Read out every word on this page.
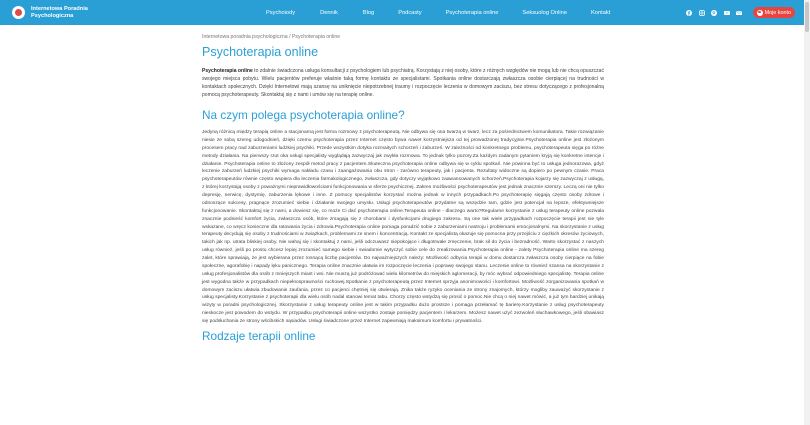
Internetowa Poradnia
Psychologiczna	Psychoiody	Dennik	Blog	Podcasty	Psychoterapia online	Seksuolog Online	Kontakt	Moje konto
Internetowa poradnia psychologiczna / Psychoterapia online
Psychoterapia online

Psychoterapia online to zdalnie świadczona usługa konsultacji z psychologiem lub psychiatrą. Korzystają z niej osoby, które z różnych względów nie mogą lub nie chcą opuszczać swojego miejsca pobytu. Wielu pacjentów preferuje właśnie taką formę kontaktu ze specjalistami. Spotkania online dostarczają zwłaszcza osobie cierpiącej na trudności w kontaktach społecznych. Dzięki Internetowi mają szansę na uniknięcie niepotrzebnej traumy i rozpoczęcie leczenia w domowym zaciszu, bez stresu dotyczącego z profesjonalną pomocą psychoterapeuty. Skontaktuj się z nami i umów się na terapię online.

Na czym polega psychoterapia online?

Jedyną różnicą między terapią online a stacjonarną jest forma rozmowy z psychoterapeutą. Nie odbywa się ona twarzą w twarz, lecz za pośrednictwem komunikatora. Takie rozwiązanie niesie ze sobą szereg udogodnień, dzięki czemu psychoterapia przez Internet często bywa nawet korzystniejsza od tej prowadzonej tradycyjnie.Psychoterapia online jest złożonym procesem pracy nad zaburzeniami ludzkiej psychiki. Przede wszystkim dotyka rozmaitych schorzeń i zaburzeń. W zależności od konkretnego problemu, psychoterapeuta sięga po różne metody działania. Na pierwszy rzut oka usługi specjalisty wyglądają zazwyczaj jak zwykła rozmowa. To jednak tylko pozory.Za każdym zadanym pytaniem kryją się konkretne intencje i działanie. Psychoterapia online to złożony zespół metod pracy z pacjentem.Skuteczna psychoterapia online odbywa się w cyklu spotkań. Nie powinna być to usługa jednorazowa, gdyż leczenie zaburzeń ludzkiej psychiki wymaga nakładu czasu i zaangażowania obu stron - zarówno terapeuty, jak i pacjenta. Rezultaty widoczne są dopiero po pewnym czasie. Praca psychoterapeutów równie często wspiera dla leczenia farmakologicznego, zwłaszcza, gdy dotyczy wyjątkowo zaawansowanych schorzeń.Psychoterapia kojarzy się zazwyczaj z usługą, z której korzystają osoby z poważnymi nieprawidłowościami funkcjonowania w sferze psychicznej. Zakres możliwości psychoterapeutów jest jednak znacznie szerszy. Leczą oni nie tylko depresję, nerwicę, dystymię, zaburzenia lękowe i inne. Z pomocy specjalistów korzystać można jednak w innych przypadkach.Po psychoterapię sięgają często osoby zdrowe i odnoszące sukcesy, pragnące zrozumieć siebie i działanie swojego umysłu. Usługi psychoterapeutów przydatne są wszędzie tam, gdzie jest potencjał na lepsze, efektywniejsze funkcjonowanie. Skontaktuj się z nami, a dowiesz się, co może Ci dać psychoterapia online.Terapeuta online - dlaczego warto?Regularne korzystanie z usług terapeuty online pozwala znacznie podnieść komfort życia, zwłaszcza osób, które zmagają się z chorobami i dysfunkcjami drugiego zakresu. Są one tak wiele przypadkach rozpoczęcie terapii jest nie tyle wskazane, co wręcz konieczne dla ratowania życia i zdrowia.Psychoterapia online pomaga poradzić sobie z zaburzeniami nastroju i problemami emocjonalnymi. Na skorzystanie z usług terapeuty decydują się osoby z trudnościami w związkach, problemami ze snem i koncentracją. Kontakt ze specjalistą okazuje się pomocna przy przejściu z ciężkich okresów życiowych, takich jak np. utrata bliskiej osoby. Nie wahaj się i skontaktuj z nami, jeśli odczuwasz niepokojące i długotrwałe zmęczenie, brak sił do życia i bezradność. Warto skorzystać z naszych usług również, jeśli po prostu chcesz lepiej zrozumieć samego siebie i swiadomie wytyczyć sobie cele do zrealizowania.Psychoterapia online - zalety Psychoterapia online ma szereg zalet, które sprawiają, że jest wybierana przez rosnącą liczbę pacjentów. Do najważniejszych należy: Możliwość odbycia terapii w domu dostarcza zwłaszcza osoby cierpiące na fobie społeczne, agorafobię i napady lęku panicznego. Terapia online znacznie ułatwia im rozpoczęcie leczenia i poprawę swojego stanu. Leczenie online to również szansa na skorzystanie z usług profesjonalistów dla osób z mniejszych miast i wsi. Nie muszą już podróżować wielu kilometrów do miejskich aglomeracji, by móc wybrać odpowiedniego specjalistę. Terapia online jest wygodna także w przypadkach niepełnosprawności ruchowej.Spotkanie z psychoterapeutą przez Internet sprzyja anonimowości i komfortowi. Możliwość zorganizowania spotkań w domowym zaciszu ułatwia zbudowanie zaufania, przez co pacjenci chętniej się otwierają. Znika także ryzyko oceniania ze strony znajomych, którzy mogliby zauważyć skorzystanie z usług specjalisty.Korzystanie z psychoterapii dla wielu osób nadal stanowi temat tabu. Chorzy często wstydzą się prosić o pomoc.Nie chcą o niej nawet mówić, a już tym bardziej unikają wizyty w poradni psychologicznej. Skorzystanie z usług terapeuty online jest w takim przypadku dużo prostsze i pomaga przełamać tę barierę.Korzystanie z usług psychoterapeuty nieskocze jest powodem do wstydu. W przypadku psychoterapii online wszystko zostaje pomiędzy pacjentem i lekarzem. Możesz nawet użyć zezwoleń słuchawkowego, jeśli obawiasz się podsłuchania ze strony wścibskich sąsiadów. Usługi świadczone przez Internet zapewniają maksimum komfortu i prywatności.

Rodzaje terapii online
